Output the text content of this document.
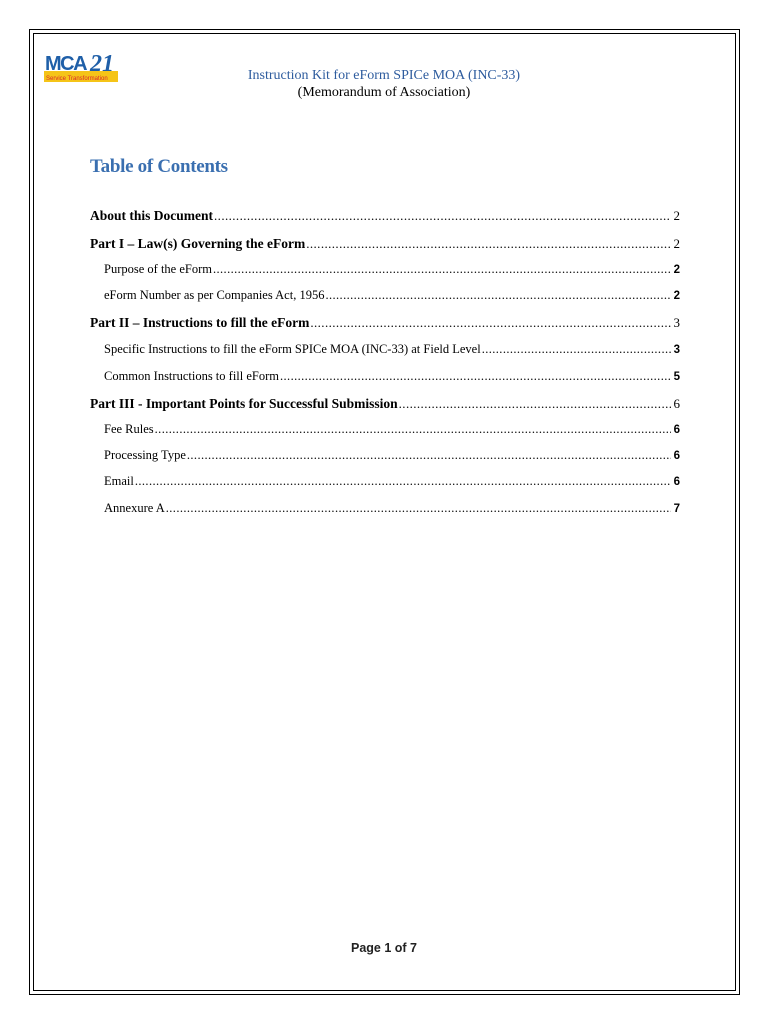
MCA 21
Service Transformation	Instruction Kit for eForm SPICe MOA (INC-33)
(Memorandum of Association)
Table of Contents
About this Document .....	2
Part I – Law(s) Governing the eForm .....	2
Purpose of the eForm .....	2
eForm Number as per Companies Act, 1956 .....	2
Part II – Instructions to fill the eForm .....	3
Specific Instructions to fill the eForm SPICe MOA (INC-33) at Field Level .....	3
Common Instructions to fill eForm .....	5
Part III - Important Points for Successful Submission .....	6
Fee Rules .....	6
Processing Type .....	6
Email .....	6
Annexure A .....	7
Page 1 of 7
